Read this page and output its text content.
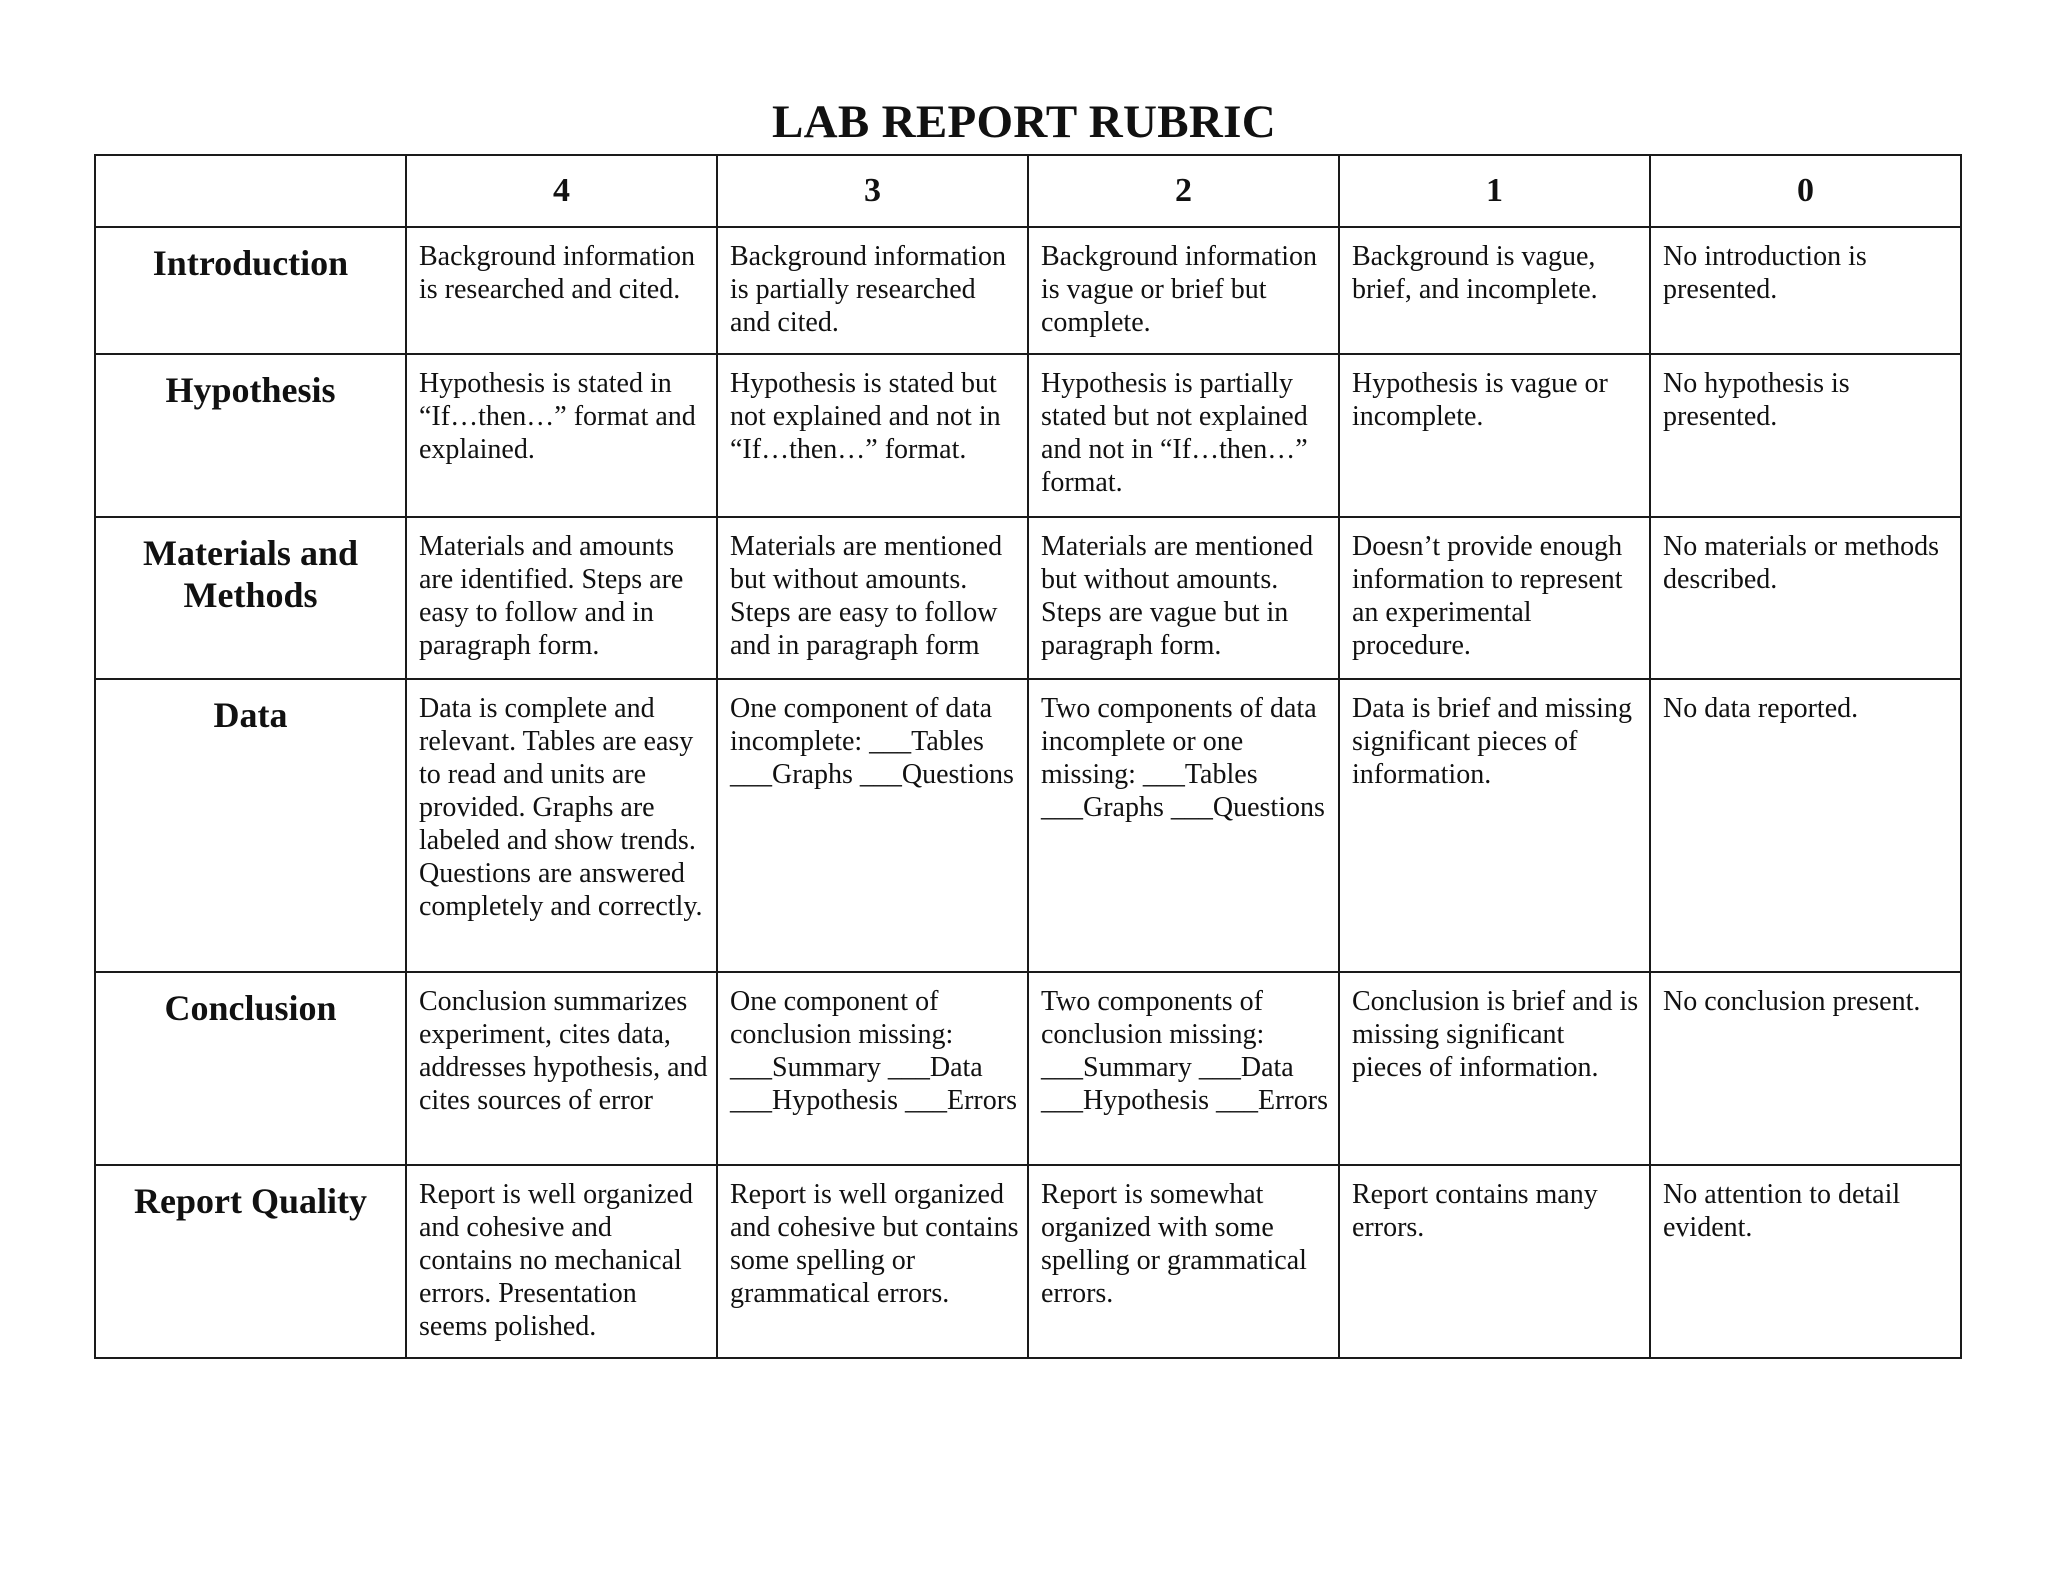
LAB REPORT RUBRIC
	4	3	2	1	0
Introduction	Background information is researched and cited.	Background information is partially researched and cited.	Background information is vague or brief but complete.	Background is vague, brief, and incomplete.	No introduction is presented.
Hypothesis	Hypothesis is stated in “If…then…” format and explained.	Hypothesis is stated but not explained and not in “If…then…” format.	Hypothesis is partially stated but not explained and not in “If…then…” format.	Hypothesis is vague or incomplete.	No hypothesis is presented.
Materials and Methods	Materials and amounts are identified. Steps are easy to follow and in paragraph form.	Materials are mentioned but without amounts. Steps are easy to follow and in paragraph form	Materials are mentioned but without amounts. Steps are vague but in paragraph form.	Doesn’t provide enough information to represent an experimental procedure.	No materials or methods described.
Data	Data is complete and relevant. Tables are easy to read and units are provided. Graphs are labeled and show trends. Questions are answered completely and correctly.	One component of data incomplete: ___Tables ___Graphs ___Questions	Two components of data incomplete or one missing: ___Tables ___Graphs ___Questions	Data is brief and missing significant pieces of information.	No data reported.
Conclusion	Conclusion summarizes experiment, cites data, addresses hypothesis, and cites sources of error	One component of conclusion missing: ___Summary ___Data ___Hypothesis ___Errors	Two components of conclusion missing: ___Summary ___Data ___Hypothesis ___Errors	Conclusion is brief and is missing significant pieces of information.	No conclusion present.
Report Quality	Report is well organized and cohesive and contains no mechanical errors. Presentation seems polished.	Report is well organized and cohesive but contains some spelling or grammatical errors.	Report is somewhat organized with some spelling or grammatical errors.	Report contains many errors.	No attention to detail evident.
